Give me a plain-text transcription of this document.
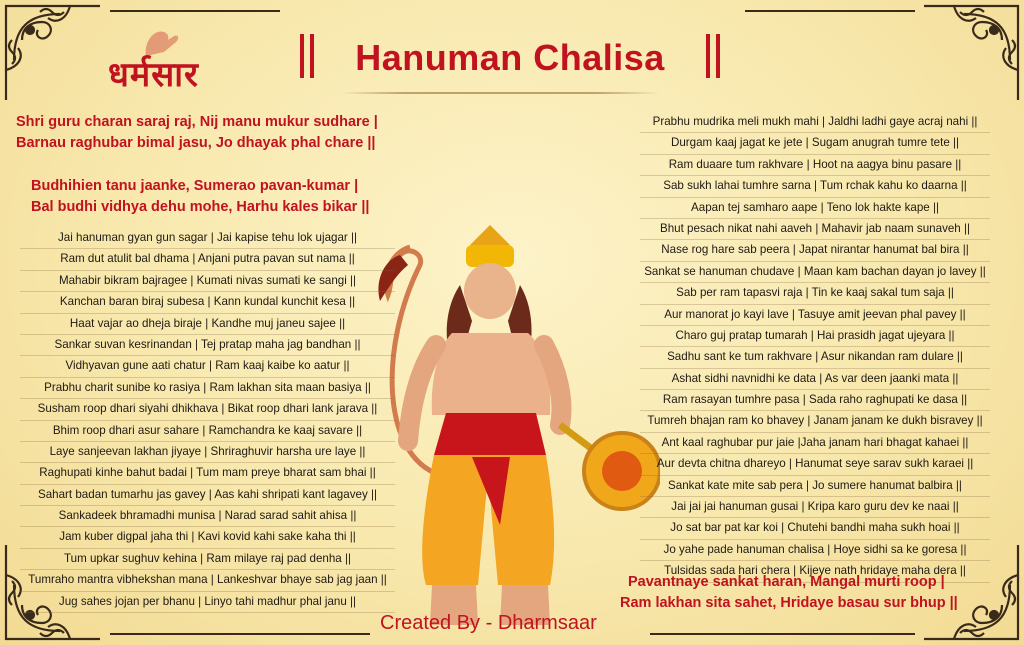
धर्मसार	Hanuman Chalisa
Shri guru charan saraj raj, Nij manu mukur sudhare |
Barnau raghubar bimal jasu, Jo dhayak phal chare ||
Budhihien tanu jaanke, Sumerao pavan-kumar |
Bal budhi vidhya dehu mohe, Harhu kales bikar ||
Jai hanuman gyan gun sagar | Jai kapise tehu lok ujagar ||
Ram dut atulit bal dhama | Anjani putra pavan sut nama ||
Mahabir bikram bajragee | Kumati nivas sumati ke sangi ||
Kanchan baran biraj subesa | Kann kundal kunchit kesa ||
Haat vajar ao dheja biraje | Kandhe muj janeu sajee ||
Sankar suvan kesrinandan | Tej pratap maha jag bandhan ||
Vidhyavan gune aati chatur | Ram kaaj kaibe ko aatur ||
Prabhu charit sunibe ko rasiya | Ram lakhan sita maan basiya ||
Susham roop dhari siyahi dhikhava | Bikat roop dhari lank jarava ||
Bhim roop dhari asur sahare | Ramchandra ke kaaj savare ||
Laye sanjeevan lakhan jiyaye | Shriraghuvir harsha ure laye ||
Raghupati kinhe bahut badai | Tum mam preye bharat sam bhai ||
Sahart badan tumarhu jas gavey | Aas kahi shripati kant lagavey ||
Sankadeek bhramadhi munisa | Narad sarad sahit ahisa ||
Jam kuber digpal jaha thi | Kavi kovid kahi sake kaha thi ||
Tum upkar sughuv kehina | Ram milaye raj pad denha ||
Tumraho mantra vibhekshan mana | Lankeshvar bhaye sab jag jaan ||
Jug sahes jojan per bhanu | Linyo tahi madhur phal janu ||
Prabhu mudrika meli mukh mahi | Jaldhi ladhi gaye acraj nahi ||
Durgam kaaj jagat ke jete | Sugam anugrah tumre tete ||
Ram duaare tum rakhvare | Hoot na aagya binu pasare ||
Sab sukh lahai tumhre sarna | Tum rchak kahu ko daarna ||
Aapan tej samharo aape | Teno lok hakte kape ||
Bhut pesach nikat nahi aaveh | Mahavir jab naam sunaveh ||
Nase rog hare sab peera | Japat nirantar hanumat bal bira ||
Sankat se hanuman chudave | Maan kam bachan dayan jo lavey ||
Sab per ram tapasvi raja | Tin ke kaaj sakal tum saja ||
Aur manorat jo kayi lave | Tasuye amit jeevan phal pavey ||
Charo guj pratap tumarah | Hai prasidh jagat ujeyara ||
Sadhu sant ke tum rakhvare | Asur nikandan ram dulare ||
Ashat sidhi navnidhi ke data | As var deen jaanki mata ||
Ram rasayan tumhre pasa | Sada raho raghupati ke dasa ||
Tumreh bhajan ram ko bhavey | Janam janam ke dukh bisravey ||
Ant kaal raghubar pur jaie |Jaha janam hari bhagat kahaei ||
Aur devta chitna dhareyo | Hanumat seye sarav sukh karaei ||
Sankat kate mite sab pera | Jo sumere hanumat balbira ||
Jai jai jai hanuman gusai | Kripa karo guru dev ke naai ||
Jo sat bar pat kar koi | Chutehi bandhi maha sukh hoai ||
Jo yahe pade hanuman chalisa | Hoye sidhi sa ke goresa ||
Tulsidas sada hari chera | Kijeye nath hridaye maha dera ||
Pavantnaye sankat haran, Mangal murti roop |
Ram lakhan sita sahet, Hridaye basau sur bhup ||
Created By - Dharmsaar
